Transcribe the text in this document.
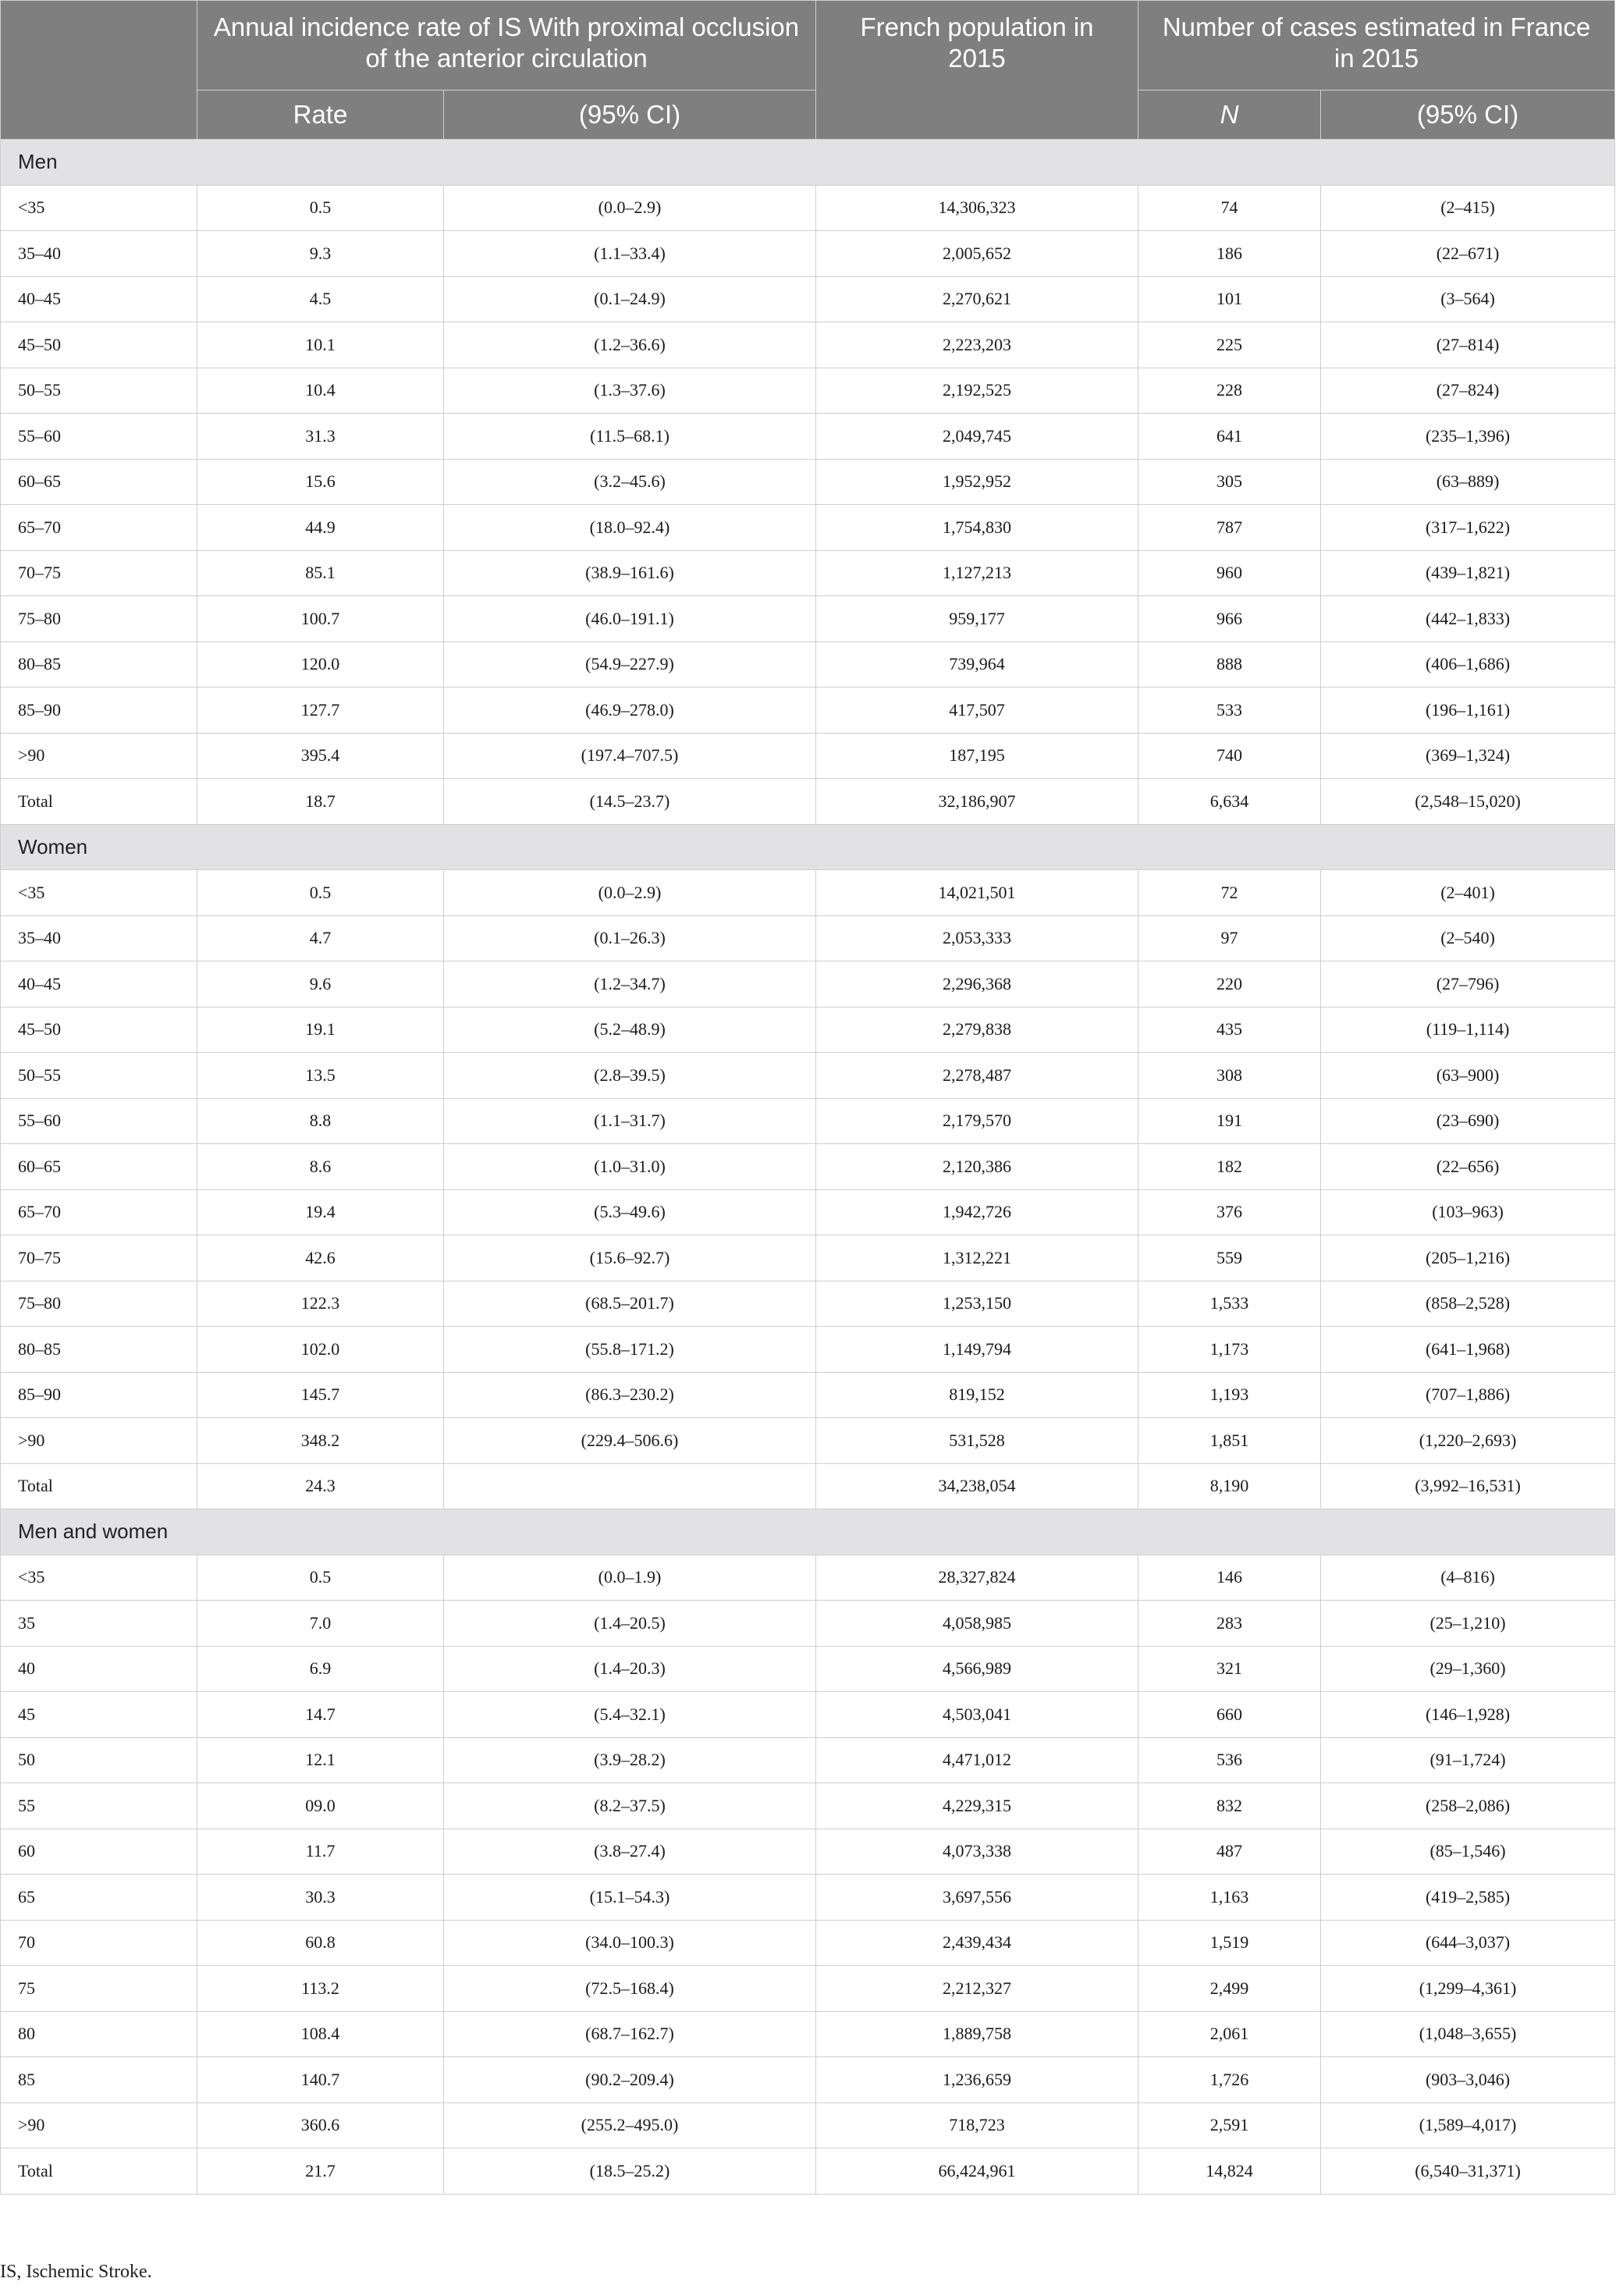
	Annual incidence rate of IS With proximal occlusion of the anterior circulation		French population in 2015	Number of cases estimated in France in 2015	
	Rate	(95% CI)		N	(95% CI)
Men					
<35	0.5	(0.0–2.9)	14,306,323	74	(2–415)
35–40	9.3	(1.1–33.4)	2,005,652	186	(22–671)
40–45	4.5	(0.1–24.9)	2,270,621	101	(3–564)
45–50	10.1	(1.2–36.6)	2,223,203	225	(27–814)
50–55	10.4	(1.3–37.6)	2,192,525	228	(27–824)
55–60	31.3	(11.5–68.1)	2,049,745	641	(235–1,396)
60–65	15.6	(3.2–45.6)	1,952,952	305	(63–889)
65–70	44.9	(18.0–92.4)	1,754,830	787	(317–1,622)
70–75	85.1	(38.9–161.6)	1,127,213	960	(439–1,821)
75–80	100.7	(46.0–191.1)	959,177	966	(442–1,833)
80–85	120.0	(54.9–227.9)	739,964	888	(406–1,686)
85–90	127.7	(46.9–278.0)	417,507	533	(196–1,161)
>90	395.4	(197.4–707.5)	187,195	740	(369–1,324)
Total	18.7	(14.5–23.7)	32,186,907	6,634	(2,548–15,020)
Women					
<35	0.5	(0.0–2.9)	14,021,501	72	(2–401)
35–40	4.7	(0.1–26.3)	2,053,333	97	(2–540)
40–45	9.6	(1.2–34.7)	2,296,368	220	(27–796)
45–50	19.1	(5.2–48.9)	2,279,838	435	(119–1,114)
50–55	13.5	(2.8–39.5)	2,278,487	308	(63–900)
55–60	8.8	(1.1–31.7)	2,179,570	191	(23–690)
60–65	8.6	(1.0–31.0)	2,120,386	182	(22–656)
65–70	19.4	(5.3–49.6)	1,942,726	376	(103–963)
70–75	42.6	(15.6–92.7)	1,312,221	559	(205–1,216)
75–80	122.3	(68.5–201.7)	1,253,150	1,533	(858–2,528)
80–85	102.0	(55.8–171.2)	1,149,794	1,173	(641–1,968)
85–90	145.7	(86.3–230.2)	819,152	1,193	(707–1,886)
>90	348.2	(229.4–506.6)	531,528	1,851	(1,220–2,693)
Total	24.3		34,238,054	8,190	(3,992–16,531)
Men and women					
<35	0.5	(0.0–1.9)	28,327,824	146	(4–816)
35	7.0	(1.4–20.5)	4,058,985	283	(25–1,210)
40	6.9	(1.4–20.3)	4,566,989	321	(29–1,360)
45	14.7	(5.4–32.1)	4,503,041	660	(146–1,928)
50	12.1	(3.9–28.2)	4,471,012	536	(91–1,724)
55	09.0	(8.2–37.5)	4,229,315	832	(258–2,086)
60	11.7	(3.8–27.4)	4,073,338	487	(85–1,546)
65	30.3	(15.1–54.3)	3,697,556	1,163	(419–2,585)
70	60.8	(34.0–100.3)	2,439,434	1,519	(644–3,037)
75	113.2	(72.5–168.4)	2,212,327	2,499	(1,299–4,361)
80	108.4	(68.7–162.7)	1,889,758	2,061	(1,048–3,655)
85	140.7	(90.2–209.4)	1,236,659	1,726	(903–3,046)
>90	360.6	(255.2–495.0)	718,723	2,591	(1,589–4,017)
Total	21.7	(18.5–25.2)	66,424,961	14,824	(6,540–31,371)
IS, Ischemic Stroke.
